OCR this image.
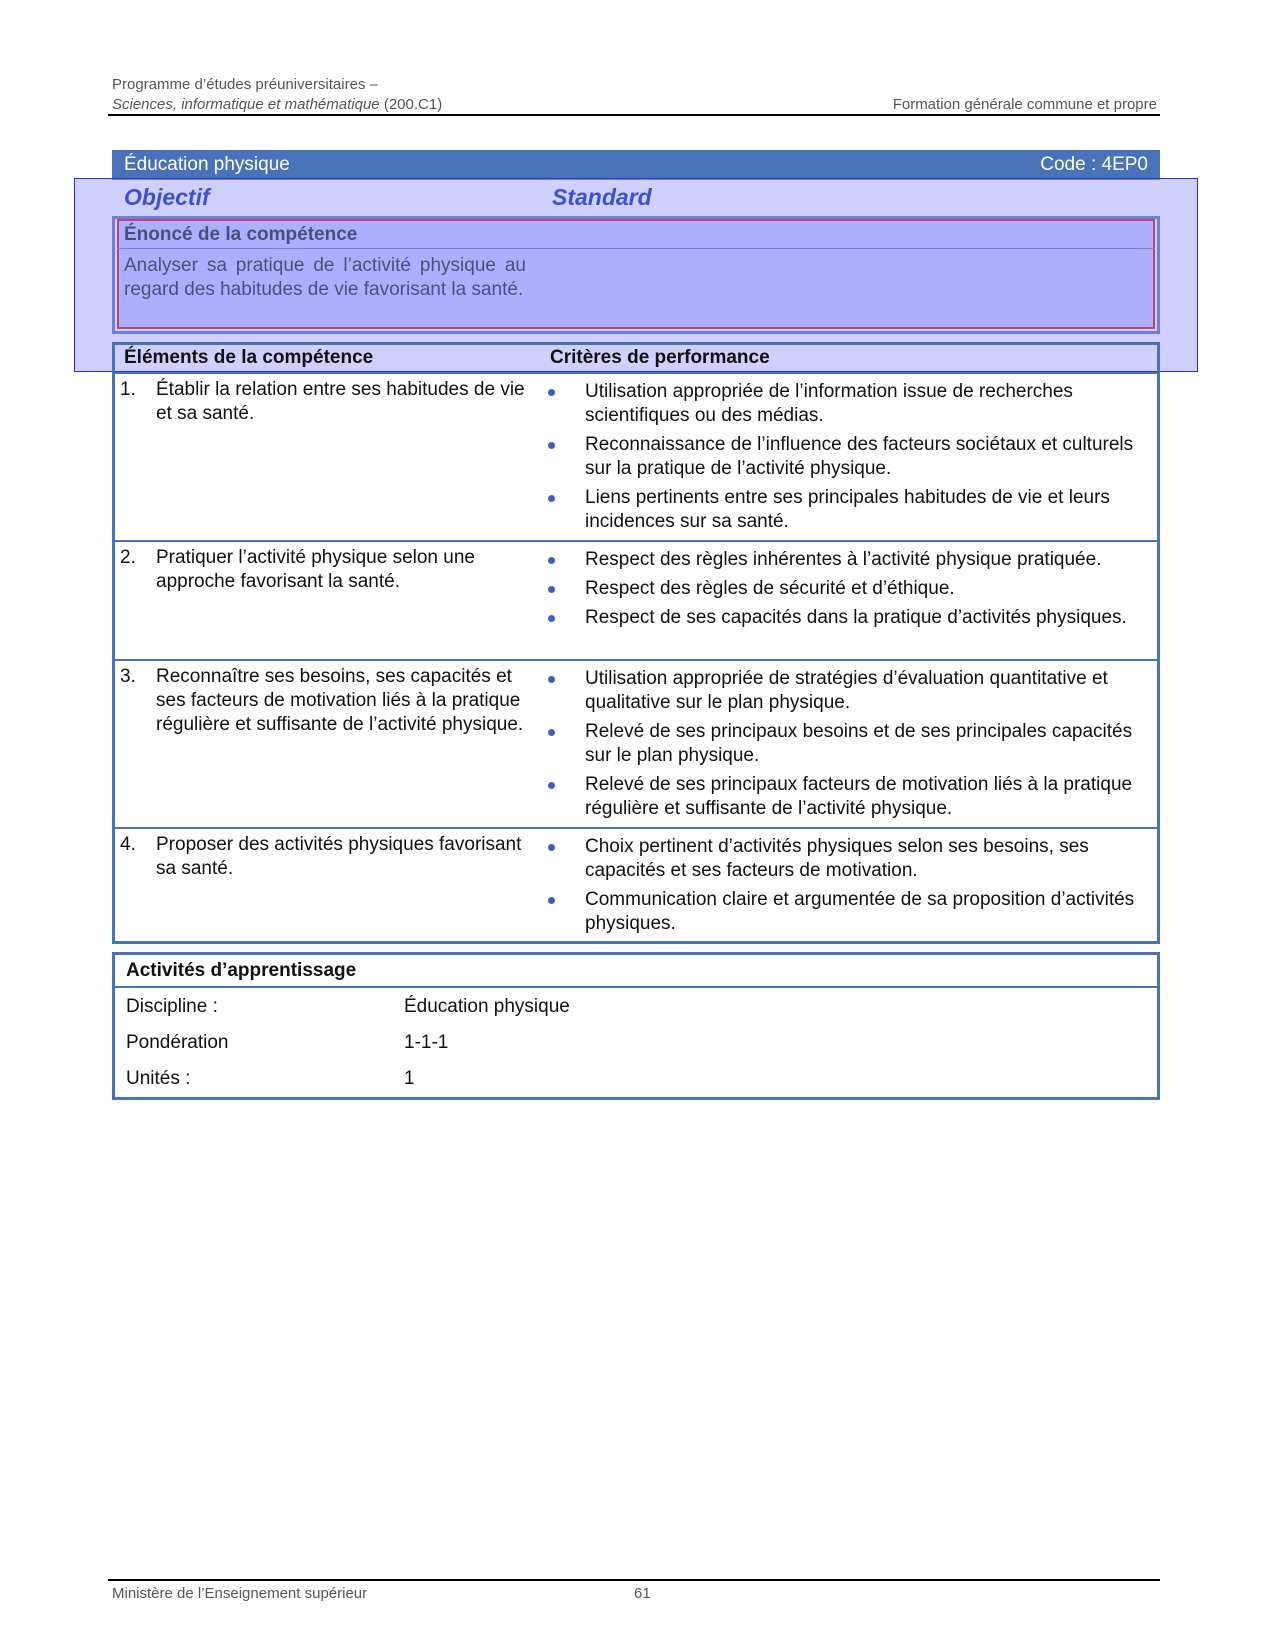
Programme d’études préuniversitaires –
Sciences, informatique et mathématique (200.C1)	Formation générale commune et propre
Éducation physique	Code : 4EP0
Énoncé de la compétence
Analyser sa pratique de l’activité physique au regard des habitudes de vie favorisant la santé.
Objectif	Standard
Éléments de la compétence	Critères de performance
1. Établir la relation entre ses habitudes de vie et sa santé.
Utilisation appropriée de l’information issue de recherches scientifiques ou des médias.
Reconnaissance de l’influence des facteurs sociétaux et culturels sur la pratique de l’activité physique.
Liens pertinents entre ses principales habitudes de vie et leurs incidences sur sa santé.
2. Pratiquer l’activité physique selon une approche favorisant la santé.
Respect des règles inhérentes à l’activité physique pratiquée.
Respect des règles de sécurité et d’éthique.
Respect de ses capacités dans la pratique d’activités physiques.
3. Reconnaître ses besoins, ses capacités et ses facteurs de motivation liés à la pratique régulière et suffisante de l’activité physique.
Utilisation appropriée de stratégies d’évaluation quantitative et qualitative sur le plan physique.
Relevé de ses principaux besoins et de ses principales capacités sur le plan physique.
Relevé de ses principaux facteurs de motivation liés à la pratique régulière et suffisante de l’activité physique.
4. Proposer des activités physiques favorisant sa santé.
Choix pertinent d’activités physiques selon ses besoins, ses capacités et ses facteurs de motivation.
Communication claire et argumentée de sa proposition d’activités physiques.
Activités d’apprentissage
Discipline :	Éducation physique
Pondération	1-1-1
Unités :	1
Ministère de l’Enseignement supérieur	61
